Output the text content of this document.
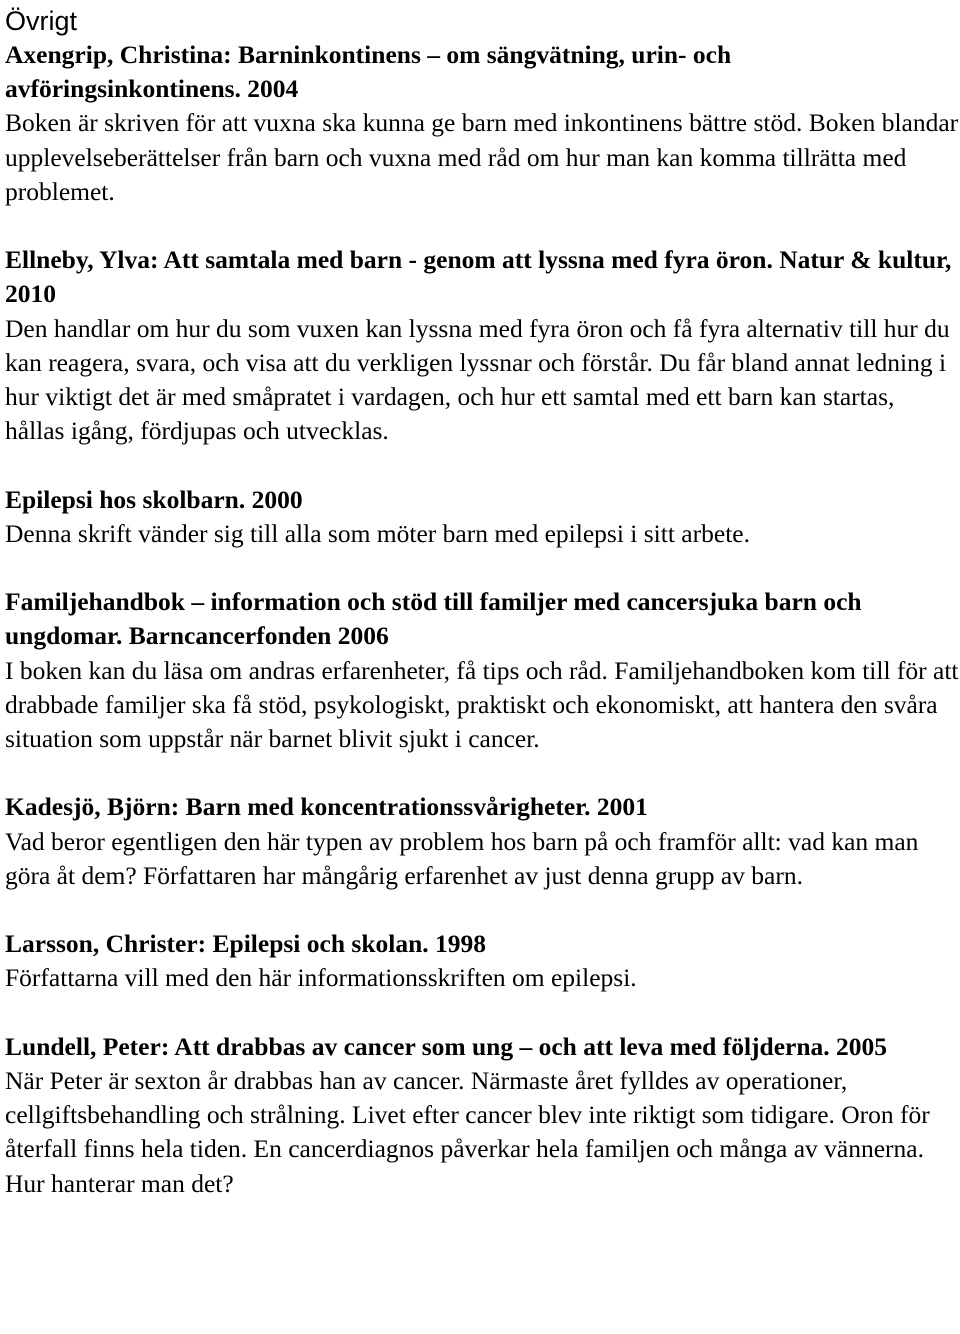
Övrigt

Axengrip, Christina: Barninkontinens – om sängvätning, urin- och avföringsinkontinens. 2004

Boken är skriven för att vuxna ska kunna ge barn med inkontinens bättre stöd. Boken blandar upplevelseberättelser från barn och vuxna med råd om hur man kan komma tillrätta med problemet.

Ellneby, Ylva: Att samtala med barn - genom att lyssna med fyra öron. Natur & kultur, 2010

Den handlar om hur du som vuxen kan lyssna med fyra öron och få fyra alternativ till hur du kan reagera, svara, och visa att du verkligen lyssnar och förstår. Du får bland annat ledning i hur viktigt det är med småpratet i vardagen, och hur ett samtal med ett barn kan startas, hållas igång, fördjupas och utvecklas.

Epilepsi hos skolbarn. 2000

Denna skrift vänder sig till alla som möter barn med epilepsi i sitt arbete.

Familjehandbok – information och stöd till familjer med cancersjuka barn och ungdomar. Barncancerfonden 2006

I boken kan du läsa om andras erfarenheter, få tips och råd. Familjehandboken kom till för att drabbade familjer ska få stöd, psykologiskt, praktiskt och ekonomiskt, att hantera den svåra situation som uppstår när barnet blivit sjukt i cancer.

Kadesjö, Björn: Barn med koncentrationssvårigheter. 2001

Vad beror egentligen den här typen av problem hos barn på och framför allt: vad kan man göra åt dem? Författaren har mångårig erfarenhet av just denna grupp av barn.

Larsson, Christer: Epilepsi och skolan. 1998

Författarna vill med den här informationsskriften om epilepsi.

Lundell, Peter: Att drabbas av cancer som ung – och att leva med följderna. 2005

När Peter är sexton år drabbas han av cancer. Närmaste året fylldes av operationer, cellgiftsbehandling och strålning. Livet efter cancer blev inte riktigt som tidigare. Oron för återfall finns hela tiden. En cancerdiagnos påverkar hela familjen och många av vännerna. Hur hanterar man det?
